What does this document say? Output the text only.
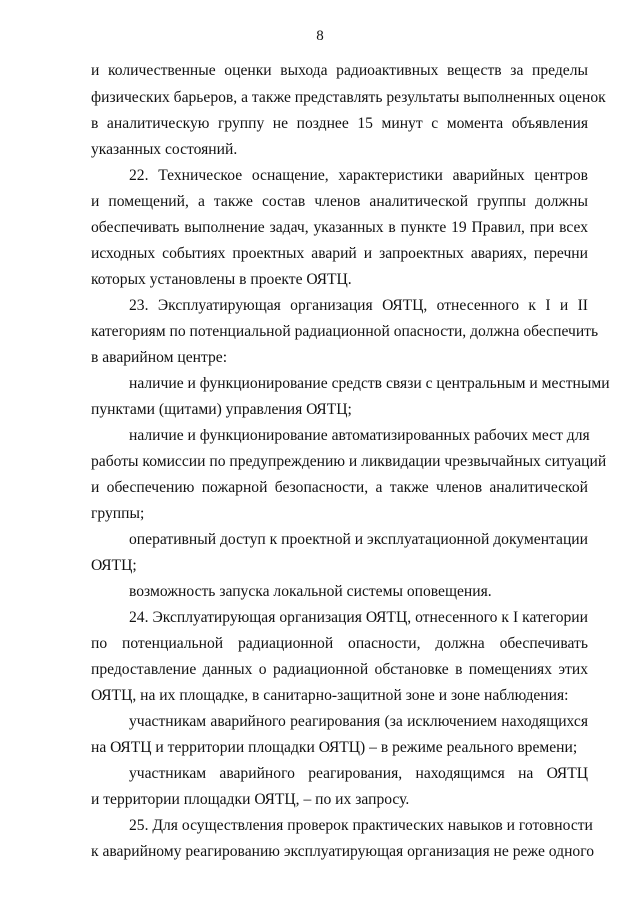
8
и количественные оценки выхода радиоактивных веществ за пределы
физических барьеров, а также представлять результаты выполненных оценок
в аналитическую группу не позднее 15 минут с момента объявления
указанных состояний.
22. Техническое оснащение, характеристики аварийных центров
и помещений, а также состав членов аналитической группы должны
обеспечивать выполнение задач, указанных в пункте 19 Правил, при всех
исходных событиях проектных аварий и запроектных авариях, перечни
которых установлены в проекте ОЯТЦ.
23. Эксплуатирующая организация ОЯТЦ, отнесенного к I и II
категориям по потенциальной радиационной опасности, должна обеспечить
в аварийном центре:
наличие и функционирование средств связи с центральным и местными
пунктами (щитами) управления ОЯТЦ;
наличие и функционирование автоматизированных рабочих мест для
работы комиссии по предупреждению и ликвидации чрезвычайных ситуаций
и обеспечению пожарной безопасности, а также членов аналитической
группы;
оперативный доступ к проектной и эксплуатационной документации
ОЯТЦ;
возможность запуска локальной системы оповещения.
24. Эксплуатирующая организация ОЯТЦ, отнесенного к I категории
по потенциальной радиационной опасности, должна обеспечивать
предоставление данных о радиационной обстановке в помещениях этих
ОЯТЦ, на их площадке, в санитарно-защитной зоне и зоне наблюдения:
участникам аварийного реагирования (за исключением находящихся
на ОЯТЦ и территории площадки ОЯТЦ) – в режиме реального времени;
участникам аварийного реагирования, находящимся на ОЯТЦ
и территории площадки ОЯТЦ, – по их запросу.
25. Для осуществления проверок практических навыков и готовности
к аварийному реагированию эксплуатирующая организация не реже одного
